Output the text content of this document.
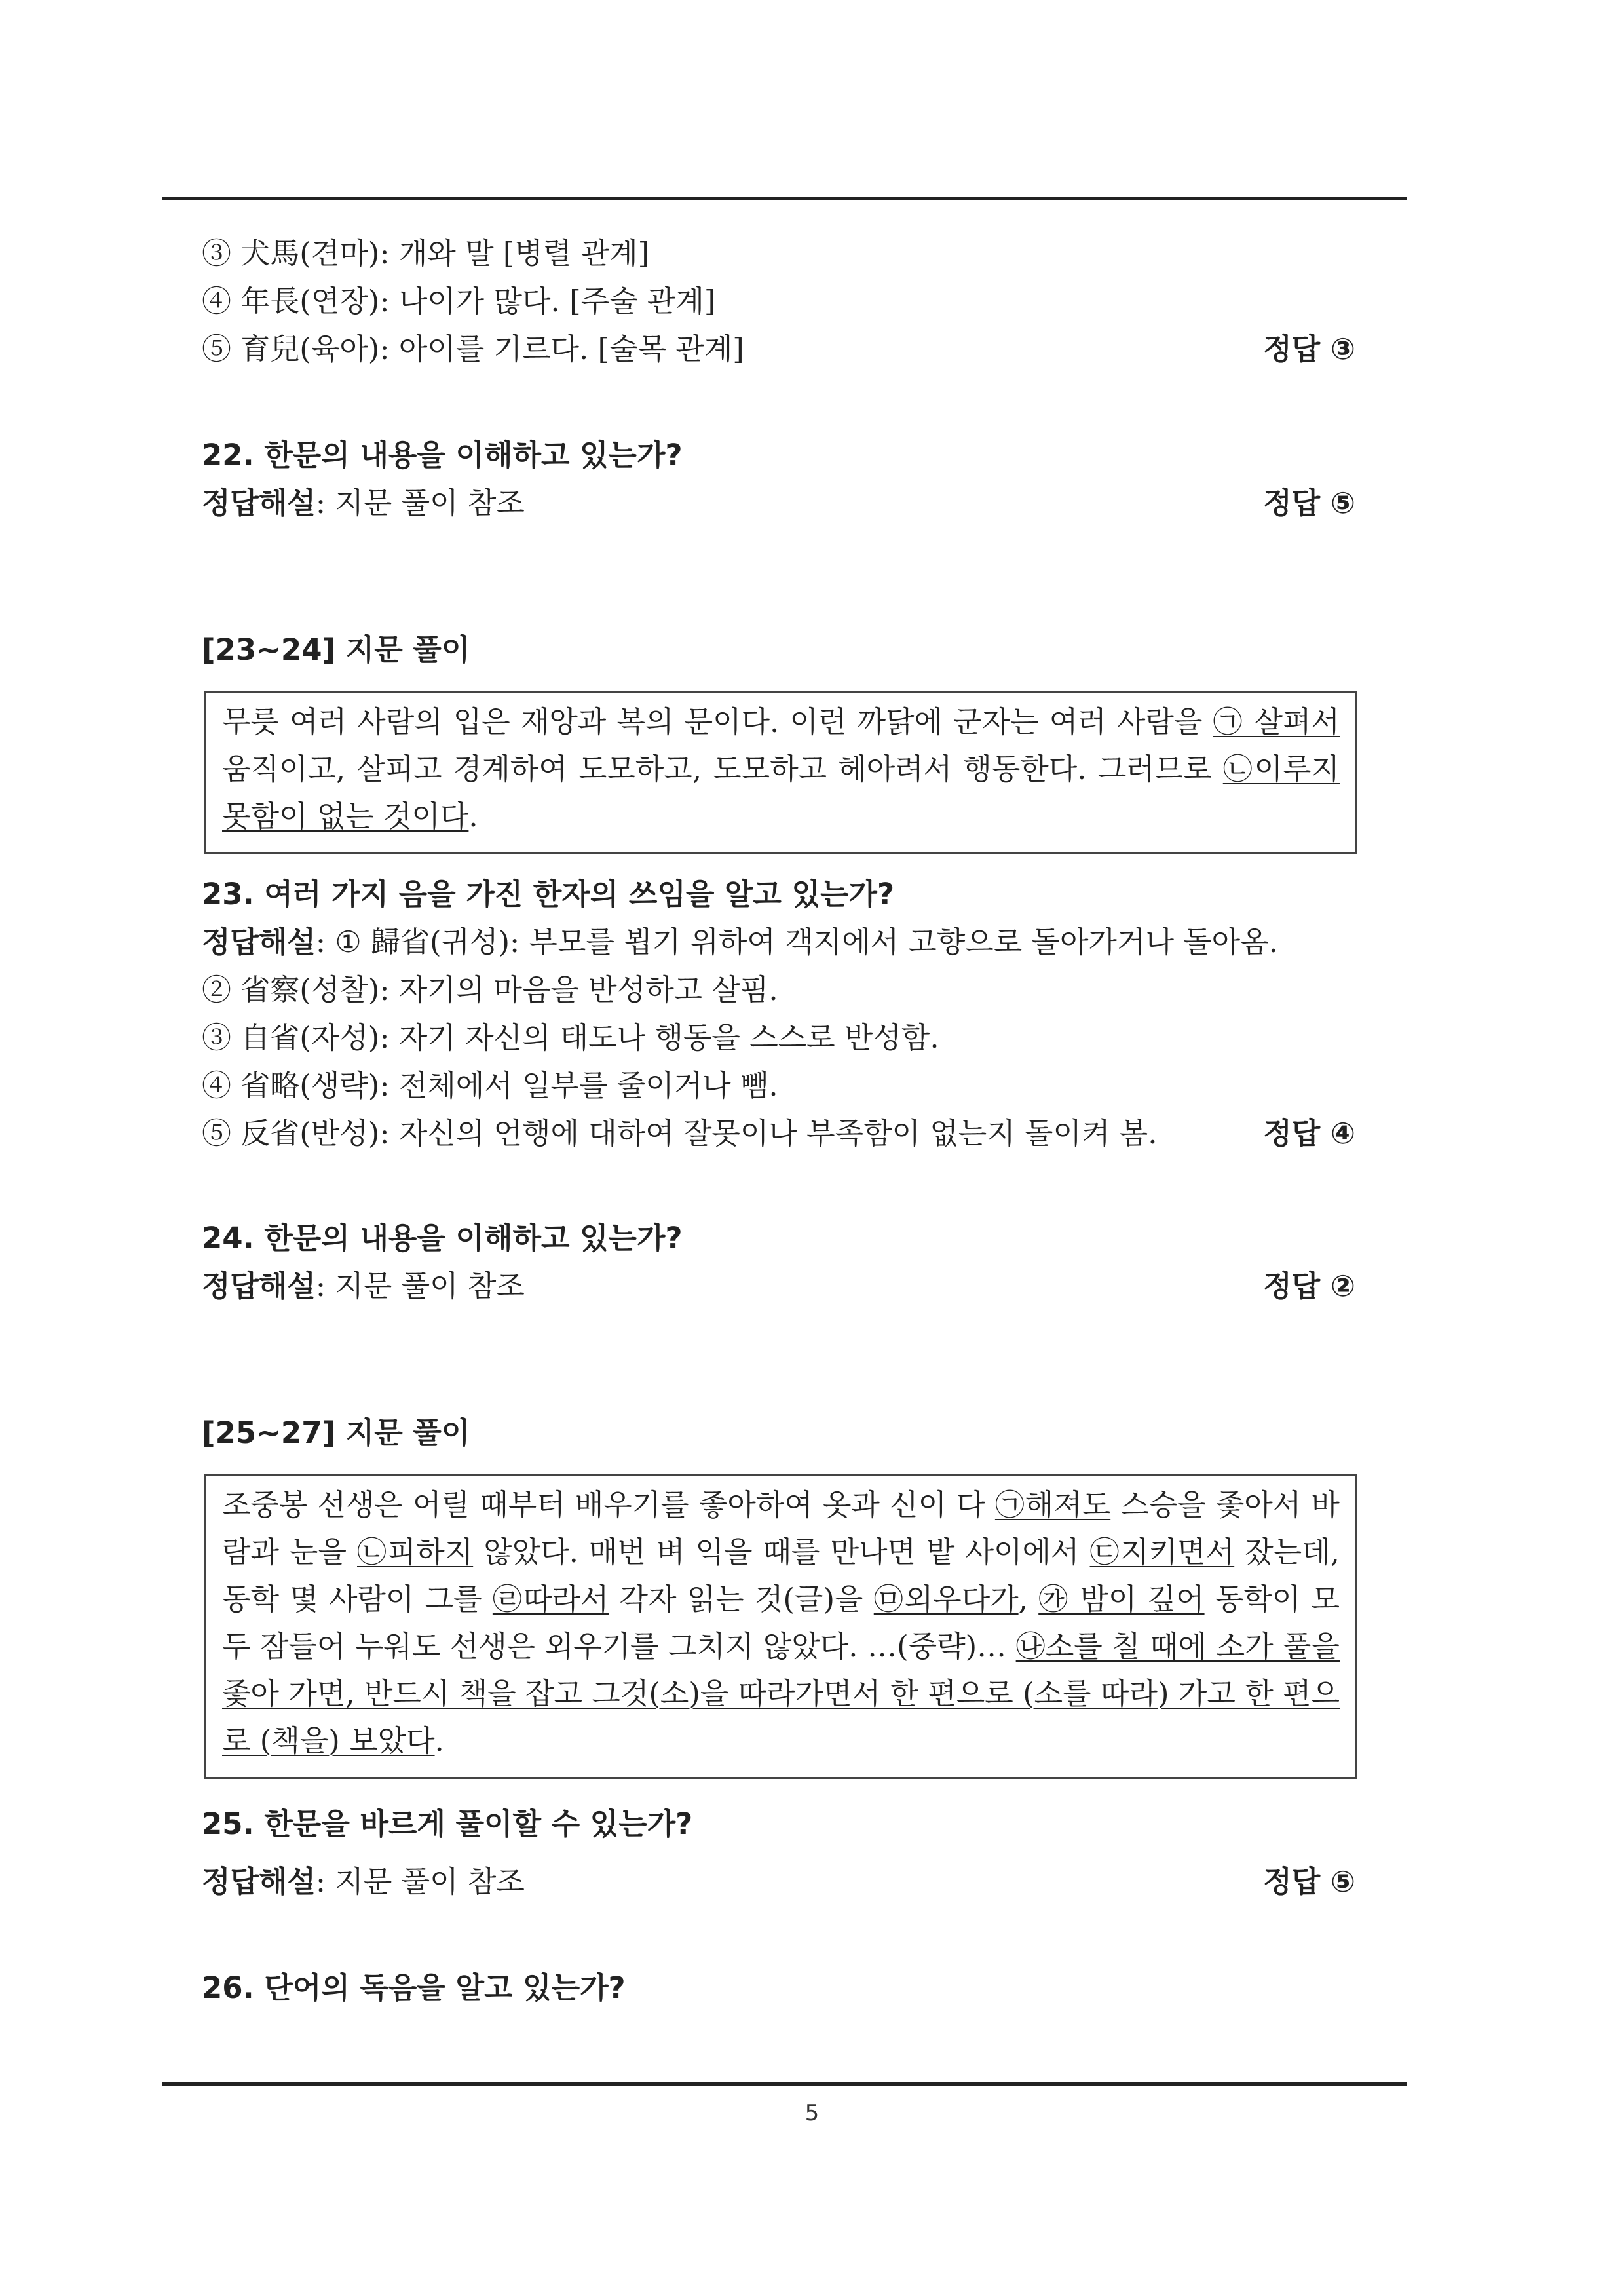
③ 犬馬(견마): 개와 말 [병렬 관계]
④ 年長(연장): 나이가 많다. [주술 관계]
⑤ 育兒(육아): 아이를 기르다. [술목 관계]	정답 ③
22. 한문의 내용을 이해하고 있는가?
정답해설: 지문 풀이 참조	정답 ⑤
[23~24] 지문 풀이

무릇 여러 사람의 입은 재앙과 복의 문이다. 이런 까닭에 군자는 여러 사람을 ㉠ 살펴서 움직이고, 살피고 경계하여 도모하고, 도모하고 헤아려서 행동한다. 그러므로 ㉡이루지 못함이 없는 것이다.

23. 여러 가지 음을 가진 한자의 쓰임을 알고 있는가?
정답해설: ① 歸省(귀성): 부모를 뵙기 위하여 객지에서 고향으로 돌아가거나 돌아옴.
② 省察(성찰): 자기의 마음을 반성하고 살핌.
③ 自省(자성): 자기 자신의 태도나 행동을 스스로 반성함.
④ 省略(생략): 전체에서 일부를 줄이거나 뺌.
⑤ 反省(반성): 자신의 언행에 대하여 잘못이나 부족함이 없는지 돌이켜 봄.	정답 ④
24. 한문의 내용을 이해하고 있는가?
정답해설: 지문 풀이 참조	정답 ②
[25~27] 지문 풀이

조중봉 선생은 어릴 때부터 배우기를 좋아하여 옷과 신이 다 ㉠해져도 스승을 좇아서 바람과 눈을 ㉡피하지 않았다. 매번 벼 익을 때를 만나면 밭 사이에서 ㉢지키면서 잤는데, 동학 몇 사람이 그를 ㉣따라서 각자 읽는 것(글)을 ㉤외우다가, ㉮ 밤이 깊어 동학이 모두 잠들어 누워도 선생은 외우기를 그치지 않았다. …(중략)… ㉯소를 칠 때에 소가 풀을 좇아 가면, 반드시 책을 잡고 그것(소)을 따라가면서 한 편으로 (소를 따라) 가고 한 편으로 (책을) 보았다.

25. 한문을 바르게 풀이할 수 있는가?
정답해설: 지문 풀이 참조	정답 ⑤
26. 단어의 독음을 알고 있는가?
5
